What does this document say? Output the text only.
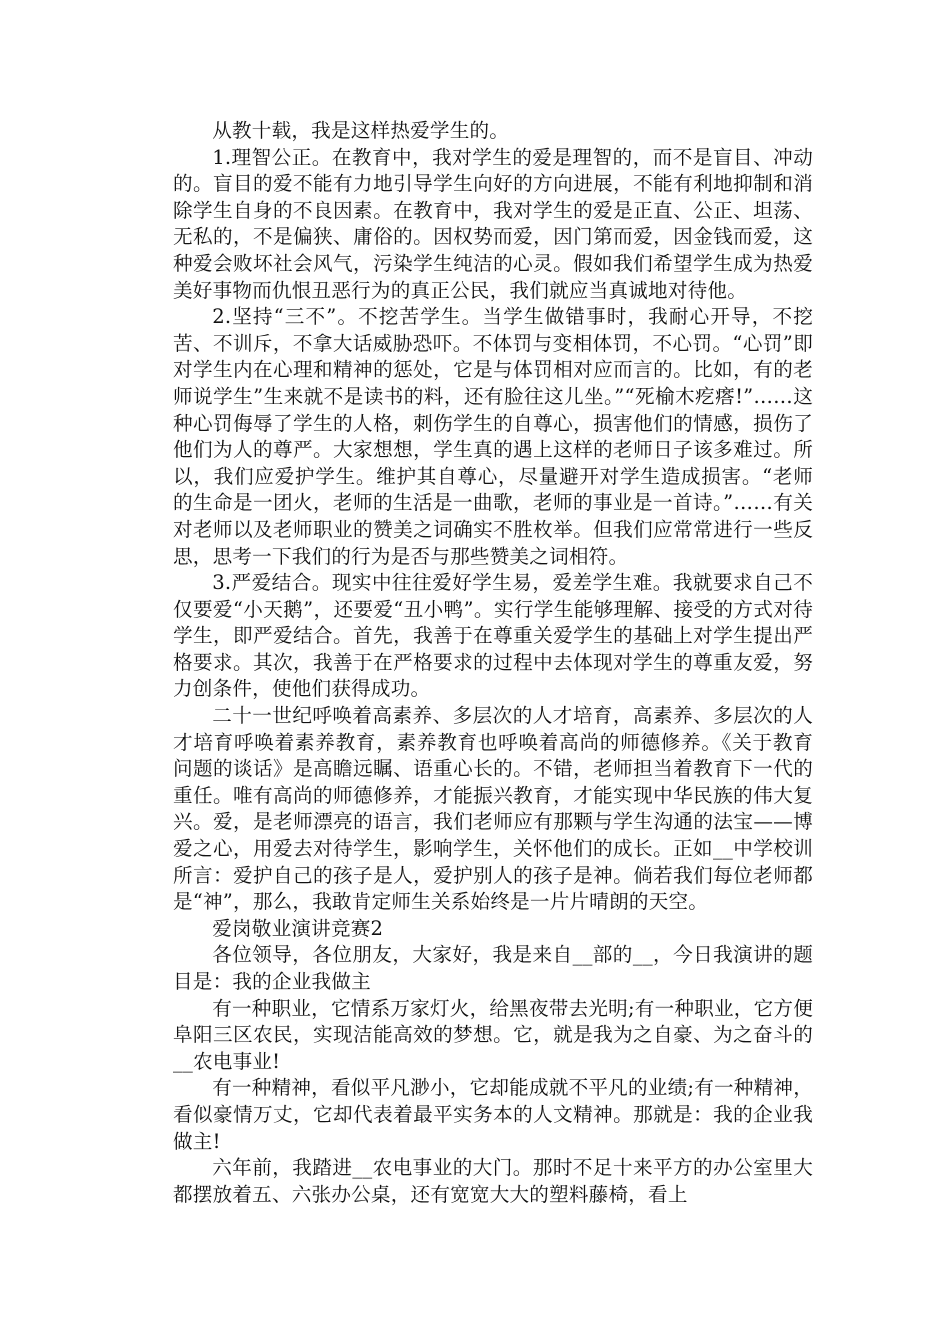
从教十载，我是这样热爱学生的。

1.理智公正。在教育中，我对学生的爱是理智的，而不是盲目、冲动的。盲目的爱不能有力地引导学生向好的方向进展，不能有利地抑制和消除学生自身的不良因素。在教育中，我对学生的爱是正直、公正、坦荡、无私的，不是偏狭、庸俗的。因权势而爱，因门第而爱，因金钱而爱，这种爱会败坏社会风气，污染学生纯洁的心灵。假如我们希望学生成为热爱美好事物而仇恨丑恶行为的真正公民，我们就应当真诚地对待他。

2.坚持“三不”。不挖苦学生。当学生做错事时，我耐心开导，不挖苦、不训斥，不拿大话威胁恐吓。不体罚与变相体罚，不心罚。“心罚”即对学生内在心理和精神的惩处，它是与体罚相对应而言的。比如，有的老师说学生”生来就不是读书的料，还有脸往这儿坐。”“死榆木疙瘩!”……这种心罚侮辱了学生的人格，刺伤学生的自尊心，损害他们的情感，损伤了他们为人的尊严。大家想想，学生真的遇上这样的老师日子该多难过。所以，我们应爱护学生。维护其自尊心，尽量避开对学生造成损害。“老师的生命是一团火，老师的生活是一曲歌，老师的事业是一首诗。”……有关对老师以及老师职业的赞美之词确实不胜枚举。但我们应常常进行一些反思，思考一下我们的行为是否与那些赞美之词相符。

3.严爱结合。现实中往往爱好学生易，爱差学生难。我就要求自己不仅要爱“小天鹅”，还要爱“丑小鸭”。实行学生能够理解、接受的方式对待学生，即严爱结合。首先，我善于在尊重关爱学生的基础上对学生提出严格要求。其次，我善于在严格要求的过程中去体现对学生的尊重友爱，努力创条件，使他们获得成功。

二十一世纪呼唤着高素养、多层次的人才培育，高素养、多层次的人才培育呼唤着素养教育，素养教育也呼唤着高尚的师德修养。《关于教育问题的谈话》是高瞻远瞩、语重心长的。不错，老师担当着教育下一代的重任。唯有高尚的师德修养，才能振兴教育，才能实现中华民族的伟大复兴。爱，是老师漂亮的语言，我们老师应有那颗与学生沟通的法宝——博爱之心，用爱去对待学生，影响学生，关怀他们的成长。正如__中学校训所言：爱护自己的孩子是人，爱护别人的孩子是神。倘若我们每位老师都是“神”，那么，我敢肯定师生关系始终是一片片晴朗的天空。

爱岗敬业演讲竞赛2

各位领导，各位朋友，大家好，我是来自__部的__，今日我演讲的题目是：我的企业我做主

有一种职业，它情系万家灯火，给黑夜带去光明;有一种职业，它方便阜阳三区农民，实现洁能高效的梦想。它，就是我为之自豪、为之奋斗的__农电事业!

有一种精神，看似平凡渺小，它却能成就不平凡的业绩;有一种精神，看似豪情万丈，它却代表着最平实务本的人文精神。那就是：我的企业我做主!

六年前，我踏进__农电事业的大门。那时不足十来平方的办公室里大都摆放着五、六张办公桌，还有宽宽大大的塑料藤椅，看上
